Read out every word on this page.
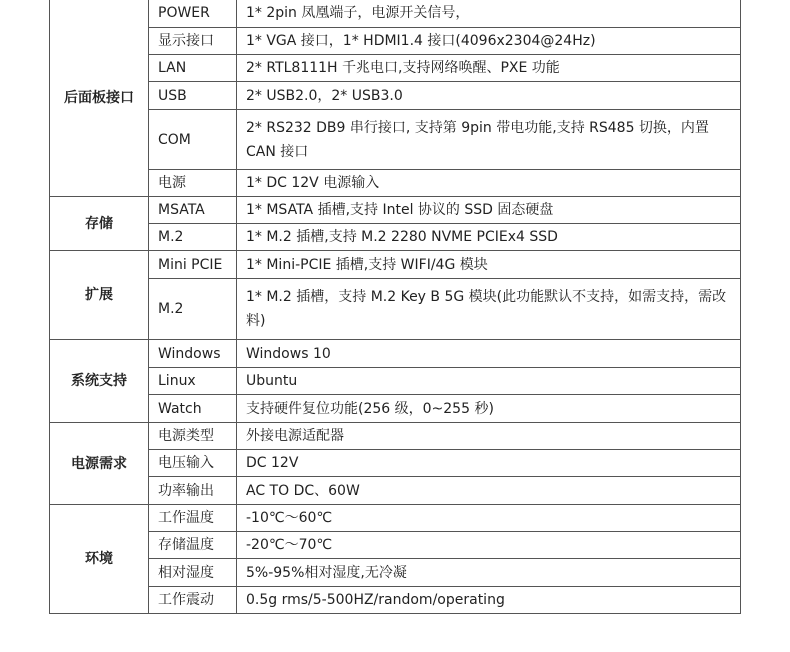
后面板接口	POWER	1* 2pin 凤凰端子，电源开关信号，
	显示接口	1* VGA 接口，1* HDMI1.4 接口(4096x2304@24Hz)
	LAN	2* RTL8111H 千兆电口,支持网络唤醒、PXE 功能
	USB	2* USB2.0，2* USB3.0
	COM	2* RS232 DB9 串行接口, 支持第 9pin 带电功能,支持 RS485 切换，内置 CAN 接口
	电源	1* DC 12V 电源输入
存储	MSATA	1* MSATA 插槽,支持 Intel 协议的 SSD 固态硬盘
	M.2	1* M.2 插槽,支持 M.2 2280 NVME PCIEx4 SSD
扩展	Mini PCIE	1* Mini-PCIE 插槽,支持 WIFI/4G 模块
	M.2	1* M.2 插槽，支持 M.2 Key B 5G 模块(此功能默认不支持，如需支持，需改料)
系统支持	Windows	Windows 10
	Linux	Ubuntu
	Watch	支持硬件复位功能(256 级，0~255 秒)
电源需求	电源类型	外接电源适配器
	电压输入	DC 12V
	功率输出	AC TO DC、60W
环境	工作温度	-10℃～60℃
	存储温度	-20℃～70℃
	相对湿度	5%-95%相对湿度,无冷凝
	工作震动	0.5g rms/5-500HZ/random/operating
